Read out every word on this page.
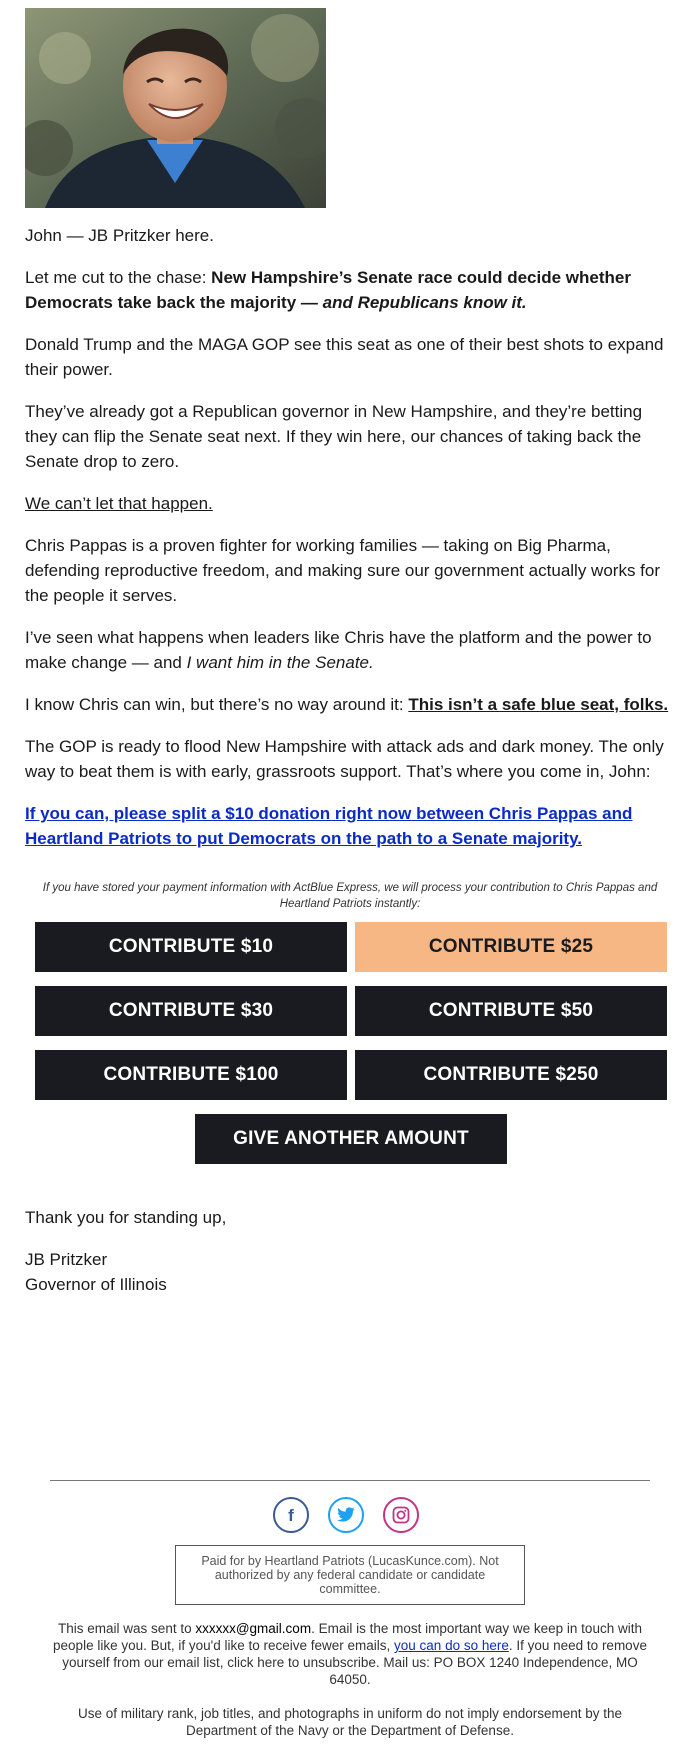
John — JB Pritzker here.

Let me cut to the chase: New Hampshire’s Senate race could decide whether Democrats take back the majority — and Republicans know it.

Donald Trump and the MAGA GOP see this seat as one of their best shots to expand their power.

They’ve already got a Republican governor in New Hampshire, and they’re betting they can flip the Senate seat next. If they win here, our chances of taking back the Senate drop to zero.

We can’t let that happen.

Chris Pappas is a proven fighter for working families — taking on Big Pharma, defending reproductive freedom, and making sure our government actually works for the people it serves.

I’ve seen what happens when leaders like Chris have the platform and the power to make change — and I want him in the Senate.

I know Chris can win, but there’s no way around it: This isn’t a safe blue seat, folks.

The GOP is ready to flood New Hampshire with attack ads and dark money. The only way to beat them is with early, grassroots support. That’s where you come in, John:

If you can, please split a $10 donation right now between Chris Pappas and Heartland Patriots to put Democrats on the path to a Senate majority.

If you have stored your payment information with ActBlue Express, we will process your contribution to Chris Pappas and Heartland Patriots instantly:
CONTRIBUTE $10	CONTRIBUTE $25
CONTRIBUTE $30	CONTRIBUTE $50
CONTRIBUTE $100	CONTRIBUTE $250
GIVE ANOTHER AMOUNT

Thank you for standing up,

JB Pritzker
Governor of Illinois
f
Paid for by Heartland Patriots (LucasKunce.com). Not authorized by any federal candidate or candidate committee.

This email was sent to xxxxxx@gmail.com. Email is the most important way we keep in touch with people like you. But, if you'd like to receive fewer emails, you can do so here. If you need to remove yourself from our email list, click here to unsubscribe. Mail us: PO BOX 1240 Independence, MO 64050.

Use of military rank, job titles, and photographs in uniform do not imply endorsement by the Department of the Navy or the Department of Defense.
